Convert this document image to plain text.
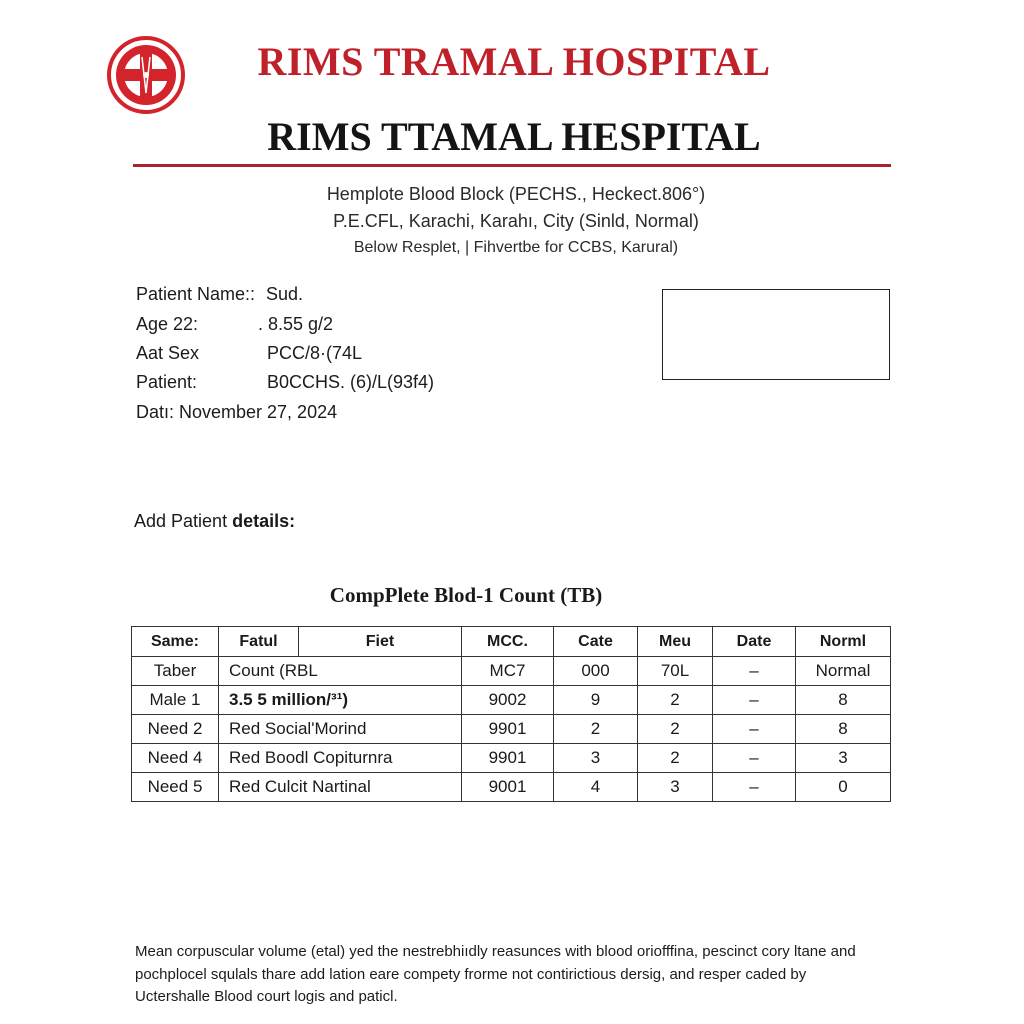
RIMS TRAMAL HOSPITAL
RIMS TTAMAL HESPITAL
Hemplote Blood Block (PECHS., Heckect.806°)
P.E.CFL, Karachi, Karahı, City (Sinld, Normal)
Below Resplet, | Fihvertbe for CCBS, Karural)
Patient Name:: Sud.
Age 22:	. 8.55 g/2
Aat Sex	PCC/8·(74L
Patient:	B0CCHS. (6)/L(93f4)
Datı: November 27, 2024
Add Patient details:
CompPlete Blod-1 Count (TB)
Same:	Fatul	Fiet	MCC.	Cate	Meu	Date	Norml
Taber	Count (RBL		MC7	000	70L	–	Normal
Male 1	3.5 5 million/³¹)		9002	9	2	–	8
Need 2	Red SocialʹMorind		9901	2	2	–	8
Need 4	Red Boodl Copiturnra		9901	3	2	–	3
Need 5	Red Culcit Nartinal		9001	4	3	–	0
Mean corpuscular volume (etal) yed the nestrebhiıdly reasunces with blood oriofffina, pescinct cory ltane and
pochplocel squlals thare add lation eare compety frorme not contirictious dersig, and resper caded by
Uctershalle Blood court logis and paticl.
